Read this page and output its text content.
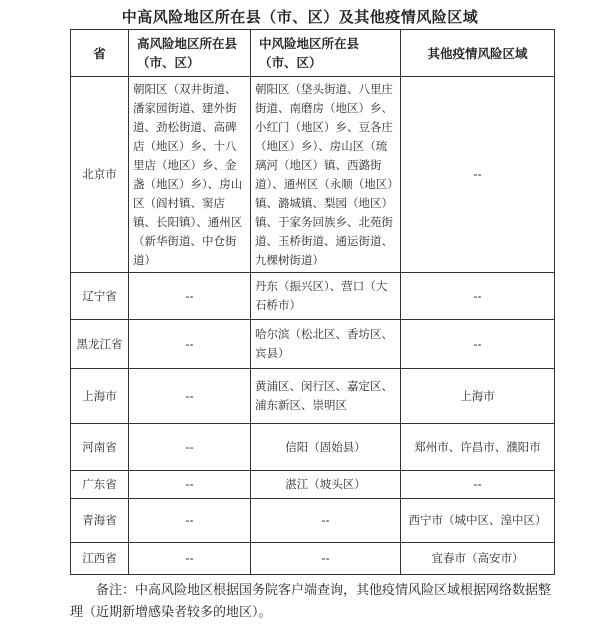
中高风险地区所在县（市、区）及其他疫情风险区域
省	高风险地区所在县（市、区）	中风险地区所在县（市、区）	其他疫情风险区域
北京市	朝阳区（双井街道、潘家园街道、建外街道、劲松街道、高碑店（地区）乡、十八里店（地区）乡、金盏（地区）乡）、房山区（阎村镇、窦店镇、长阳镇）、通州区（新华街道、中仓街道）	朝阳区（垡头街道、八里庄街道、南磨房（地区）乡、小红门（地区）乡、豆各庄（地区）乡）、房山区（琉璃河（地区）镇、西潞街道）、通州区（永顺（地区）镇、潞城镇、梨园（地区）镇、于家务回族乡、北苑街道、玉桥街道、通运街道、九棵树街道）	--
辽宁省	--	丹东（振兴区）、营口（大石桥市）	--
黑龙江省	--	哈尔滨（松北区、香坊区、宾县）	--
上海市	--	黄浦区、闵行区、嘉定区、浦东新区、崇明区	上海市
河南省	--	信阳（固始县）	郑州市、许昌市、濮阳市
广东省	--	湛江（坡头区）	--
青海省	--	--	西宁市（城中区、湟中区）
江西省	--	--	宜春市（高安市）
备注：中高风险地区根据国务院客户端查询，其他疫情风险区域根据网络数据整理（近期新增感染者较多的地区）。
